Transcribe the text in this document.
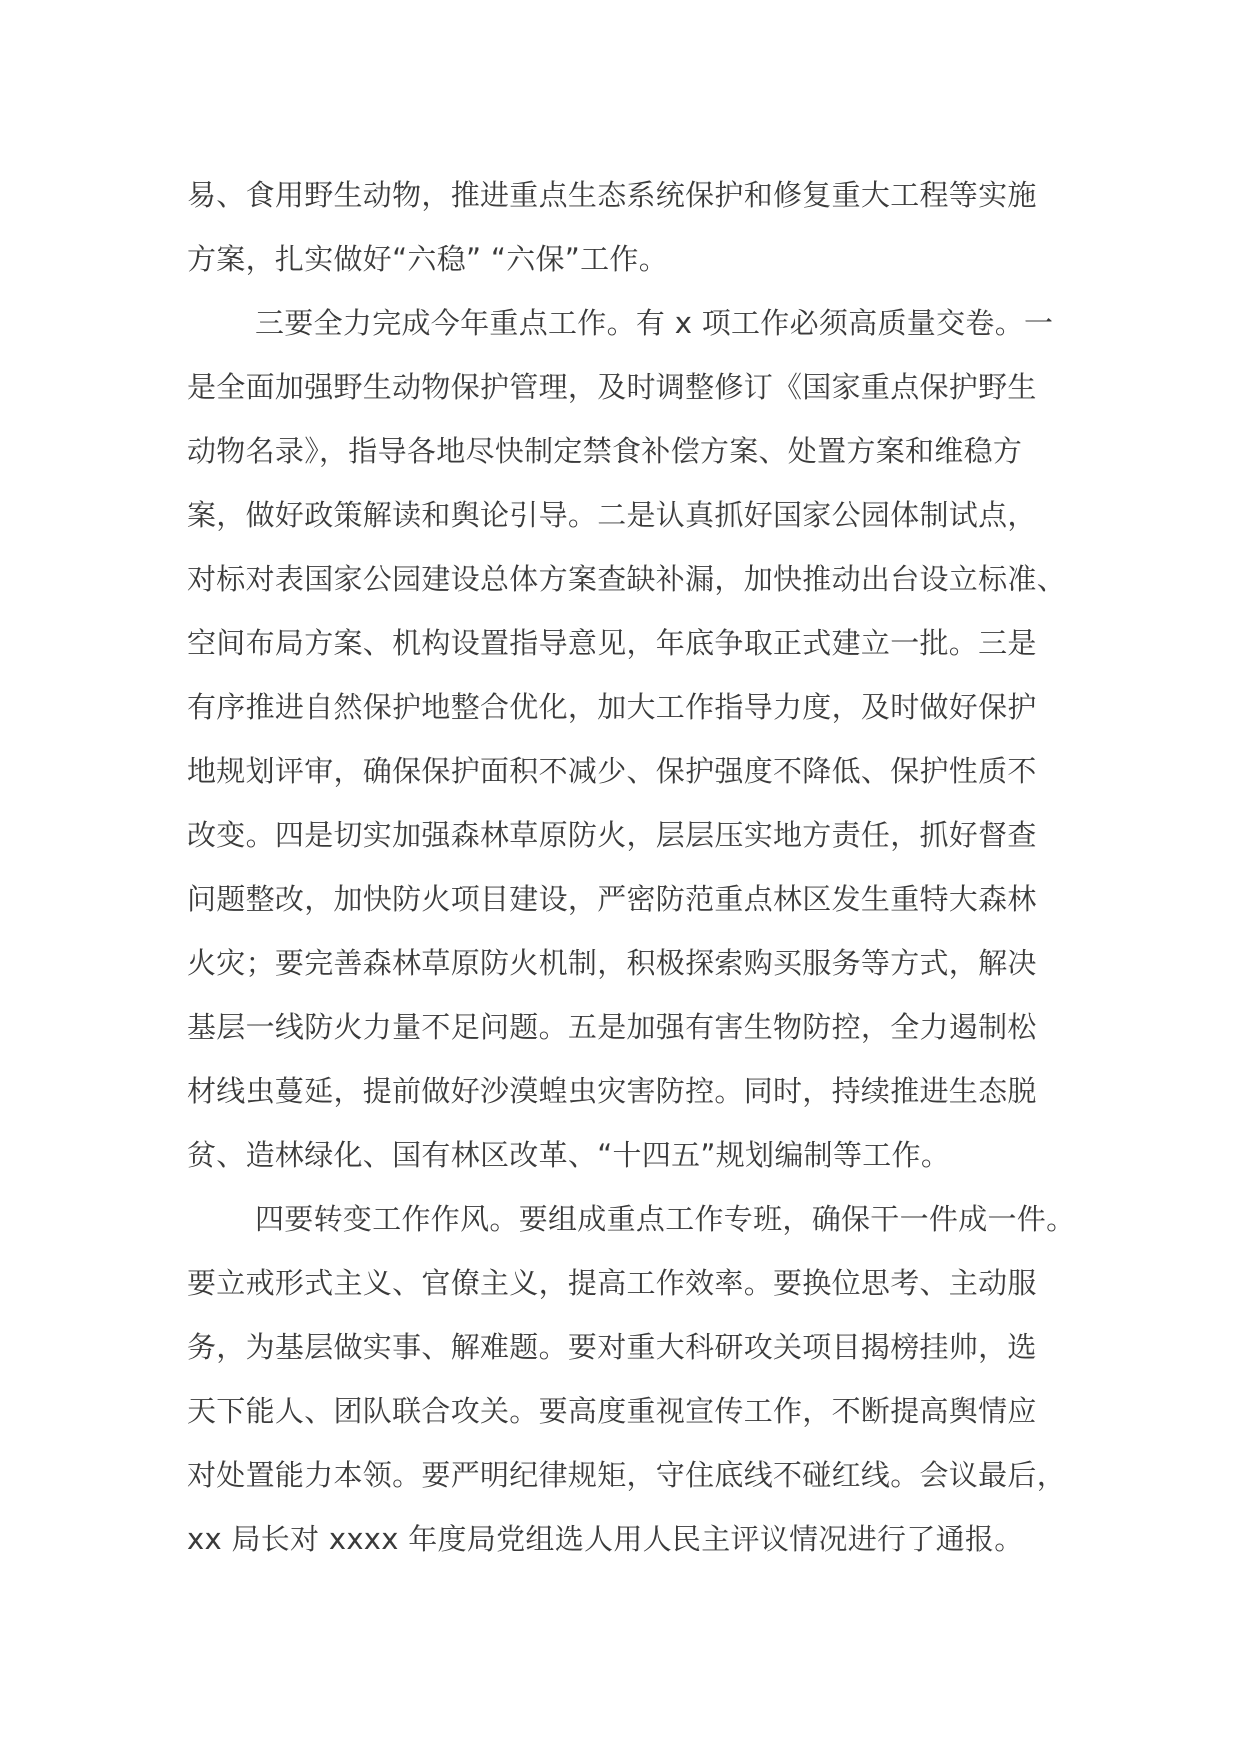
易、食用野生动物，推进重点生态系统保护和修复重大工程等实施
方案，扎实做好“六稳” “六保”工作。
三要全力完成今年重点工作。有 x 项工作必须高质量交卷。一
是全面加强野生动物保护管理，及时调整修订《国家重点保护野生
动物名录》，指导各地尽快制定禁食补偿方案、处置方案和维稳方
案，做好政策解读和舆论引导。二是认真抓好国家公园体制试点，
对标对表国家公园建设总体方案查缺补漏，加快推动出台设立标准、
空间布局方案、机构设置指导意见，年底争取正式建立一批。三是
有序推进自然保护地整合优化，加大工作指导力度，及时做好保护
地规划评审，确保保护面积不减少、保护强度不降低、保护性质不
改变。四是切实加强森林草原防火，层层压实地方责任，抓好督查
问题整改，加快防火项目建设，严密防范重点林区发生重特大森林
火灾；要完善森林草原防火机制，积极探索购买服务等方式，解决
基层一线防火力量不足问题。五是加强有害生物防控，全力遏制松
材线虫蔓延，提前做好沙漠蝗虫灾害防控。同时，持续推进生态脱
贫、造林绿化、国有林区改革、“十四五”规划编制等工作。
四要转变工作作风。要组成重点工作专班，确保干一件成一件。
要立戒形式主义、官僚主义，提高工作效率。要换位思考、主动服
务，为基层做实事、解难题。要对重大科研攻关项目揭榜挂帅，选
天下能人、团队联合攻关。要高度重视宣传工作，不断提高舆情应
对处置能力本领。要严明纪律规矩，守住底线不碰红线。会议最后，
xx 局长对 xxxx 年度局党组选人用人民主评议情况进行了通报。
